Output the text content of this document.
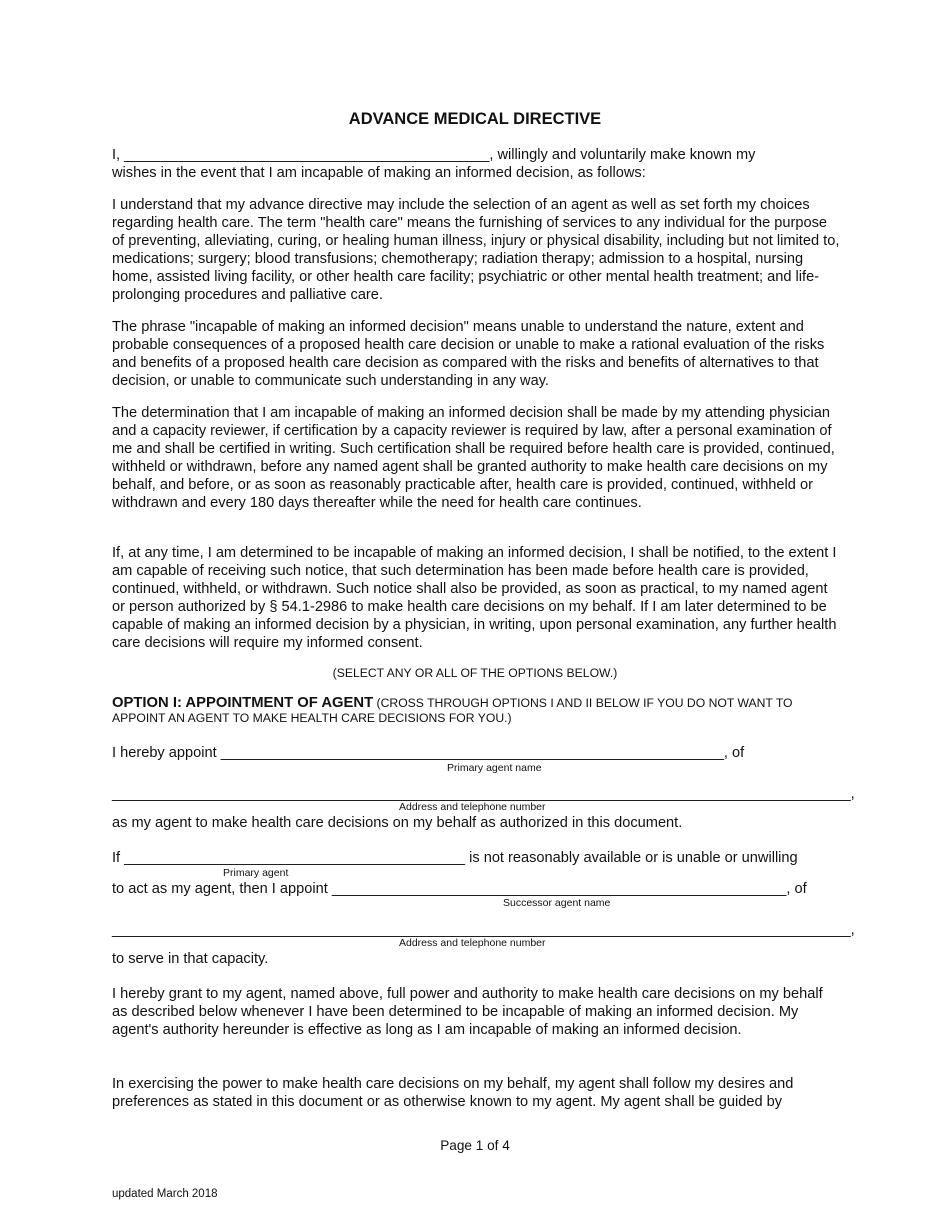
ADVANCE MEDICAL DIRECTIVE

I, _____________________________________________, willingly and voluntarily make known my

wishes in the event that I am incapable of making an informed decision, as follows:

I understand that my advance directive may include the selection of an agent as well as set forth my choices regarding health care. The term "health care" means the furnishing of services to any individual for the purpose of preventing, alleviating, curing, or healing human illness, injury or physical disability, including but not limited to, medications; surgery; blood transfusions; chemotherapy; radiation therapy; admission to a hospital, nursing home, assisted living facility, or other health care facility; psychiatric or other mental health treatment; and life-prolonging procedures and palliative care.

The phrase "incapable of making an informed decision" means unable to understand the nature, extent and probable consequences of a proposed health care decision or unable to make a rational evaluation of the risks and benefits of a proposed health care decision as compared with the risks and benefits of alternatives to that decision, or unable to communicate such understanding in any way.

The determination that I am incapable of making an informed decision shall be made by my attending physician and a capacity reviewer, if certification by a capacity reviewer is required by law, after a personal examination of me and shall be certified in writing. Such certification shall be required before health care is provided, continued, withheld or withdrawn, before any named agent shall be granted authority to make health care decisions on my behalf, and before, or as soon as reasonably practicable after, health care is provided, continued, withheld or withdrawn and every 180 days thereafter while the need for health care continues.

If, at any time, I am determined to be incapable of making an informed decision, I shall be notified, to the extent I am capable of receiving such notice, that such determination has been made before health care is provided, continued, withheld, or withdrawn. Such notice shall also be provided, as soon as practical, to my named agent or person authorized by § 54.1-2986 to make health care decisions on my behalf. If I am later determined to be capable of making an informed decision by a physician, in writing, upon personal examination, any further health care decisions will require my informed consent.

(SELECT ANY OR ALL OF THE OPTIONS BELOW.)

OPTION I: APPOINTMENT OF AGENT (CROSS THROUGH OPTIONS I AND II BELOW IF YOU DO NOT WANT TO APPOINT AN AGENT TO MAKE HEALTH CARE DECISIONS FOR YOU.)

I hereby appoint ______________________________________________________________, of

Primary agent name

___________________________________________________________________________________________,

Address and telephone number

as my agent to make health care decisions on my behalf as authorized in this document.

If __________________________________________ is not reasonably available or is unable or unwilling

Primary agent

to act as my agent, then I appoint ________________________________________________________, of

Successor agent name

___________________________________________________________________________________________,

Address and telephone number

to serve in that capacity.

I hereby grant to my agent, named above, full power and authority to make health care decisions on my behalf as described below whenever I have been determined to be incapable of making an informed decision. My agent's authority hereunder is effective as long as I am incapable of making an informed decision.

In exercising the power to make health care decisions on my behalf, my agent shall follow my desires and preferences as stated in this document or as otherwise known to my agent. My agent shall be guided by

Page 1 of 4

updated March 2018
